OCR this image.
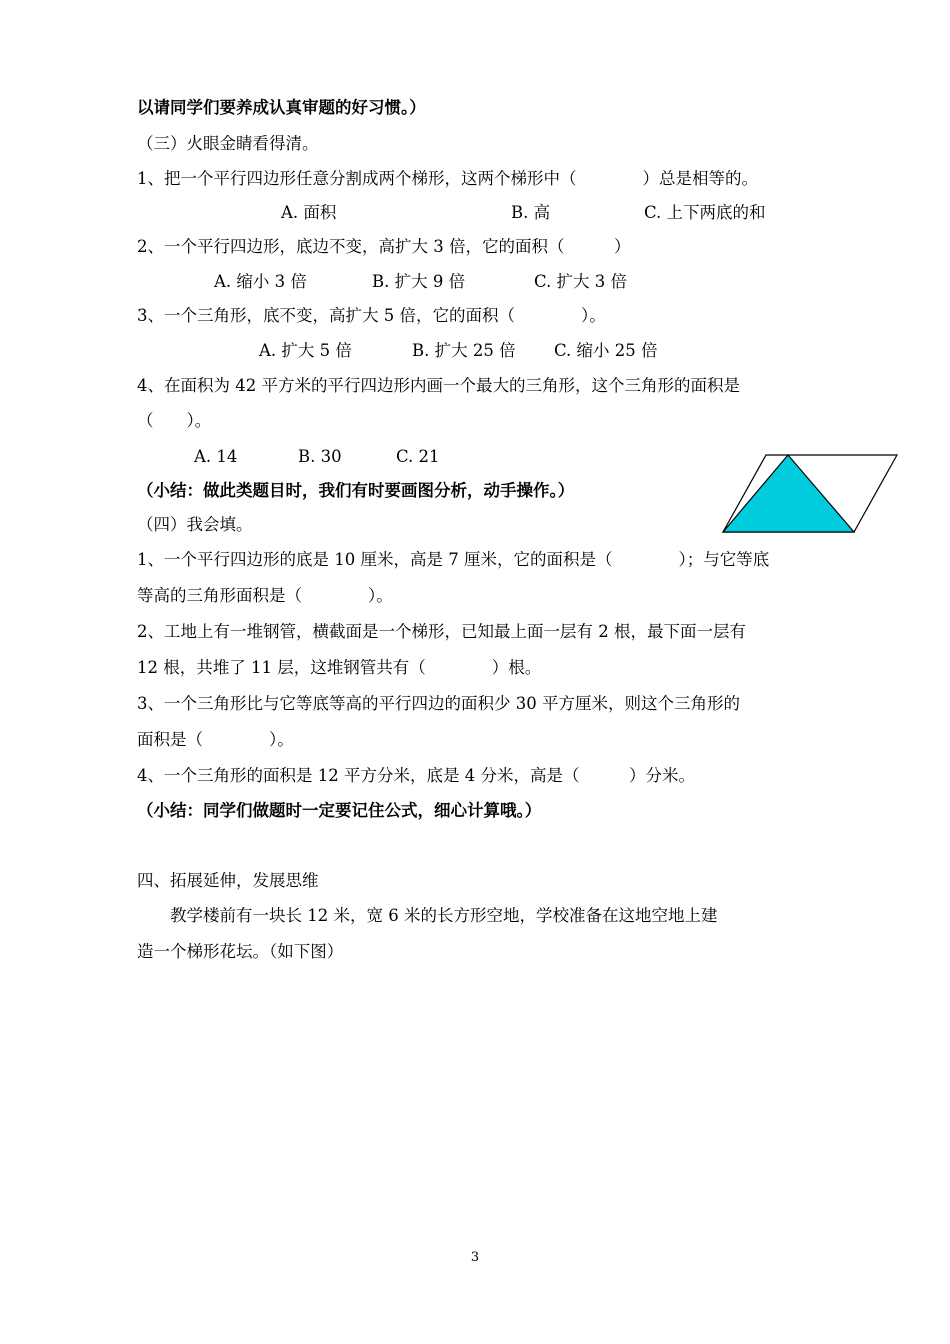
以请同学们要养成认真审题的好习惯。）
（三）火眼金睛看得清。
1、把一个平行四边形任意分割成两个梯形，这两个梯形中（　　　　）总是相等的。
A. 面积	B. 高	C. 上下两底的和
2、一个平行四边形，底边不变，高扩大 3 倍，它的面积（　　　）
A. 缩小 3 倍	B. 扩大 9 倍	C. 扩大 3 倍
3、一个三角形，底不变，高扩大 5 倍，它的面积（　　　　）。
A. 扩大 5 倍	B. 扩大 25 倍 C. 缩小 25 倍
4、在面积为 42 平方米的平行四边形内画一个最大的三角形，这个三角形的面积是
（　　）。
A. 14	B. 30	C. 21
（小结：做此类题目时，我们有时要画图分析，动手操作。）
（四）我会填。
1、一个平行四边形的底是 10 厘米，高是 7 厘米，它的面积是（　　　　）；与它等底
等高的三角形面积是（　　　　）。
2、工地上有一堆钢管，横截面是一个梯形，已知最上面一层有 2 根，最下面一层有
12 根，共堆了 11 层，这堆钢管共有（　　　　）根。
3、一个三角形比与它等底等高的平行四边的面积少 30 平方厘米，则这个三角形的
面积是（　　　　）。
4、一个三角形的面积是 12 平方分米，底是 4 分米，高是（　　　）分米。
（小结：同学们做题时一定要记住公式，细心计算哦。）
四、拓展延伸，发展思维
　　教学楼前有一块长 12 米，宽 6 米的长方形空地，学校准备在这地空地上建
造一个梯形花坛。（如下图）
3
